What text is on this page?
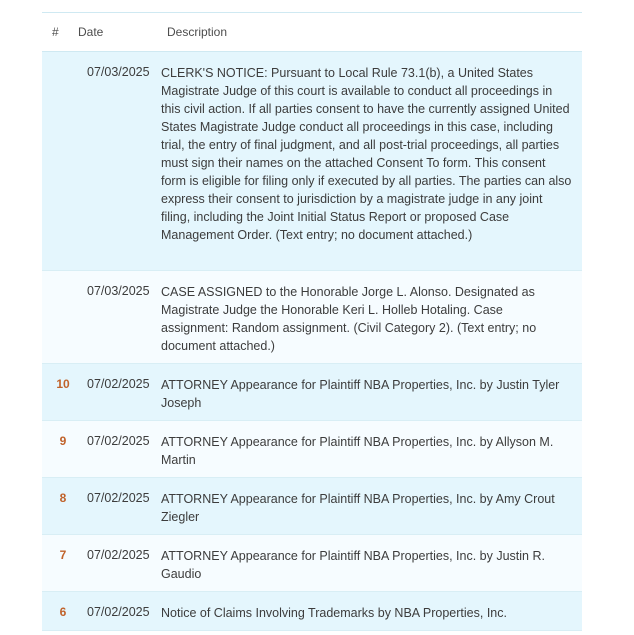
# Date	Description
07/03/2025 CLERK'S NOTICE: Pursuant to Local Rule 73.1(b), a United States Magistrate Judge of this court is available to conduct all proceedings in this civil action. If all parties consent to have the currently assigned United States Magistrate Judge conduct all proceedings in this case, including trial, the entry of final judgment, and all post-trial proceedings, all parties must sign their names on the attached Consent To form. This consent form is eligible for filing only if executed by all parties. The parties can also express their consent to jurisdiction by a magistrate judge in any joint filing, including the Joint Initial Status Report or proposed Case Management Order. (Text entry; no document attached.)
07/03/2025 CASE ASSIGNED to the Honorable Jorge L. Alonso. Designated as Magistrate Judge the Honorable Keri L. Holleb Hotaling. Case assignment: Random assignment. (Civil Category 2). (Text entry; no document attached.)
10 07/02/2025 ATTORNEY Appearance for Plaintiff NBA Properties, Inc. by Justin Tyler Joseph
9	07/02/2025 ATTORNEY Appearance for Plaintiff NBA Properties, Inc. by Allyson M. Martin
8	07/02/2025 ATTORNEY Appearance for Plaintiff NBA Properties, Inc. by Amy Crout Ziegler
7	07/02/2025 ATTORNEY Appearance for Plaintiff NBA Properties, Inc. by Justin R. Gaudio
6	07/02/2025 Notice of Claims Involving Trademarks by NBA Properties, Inc.
